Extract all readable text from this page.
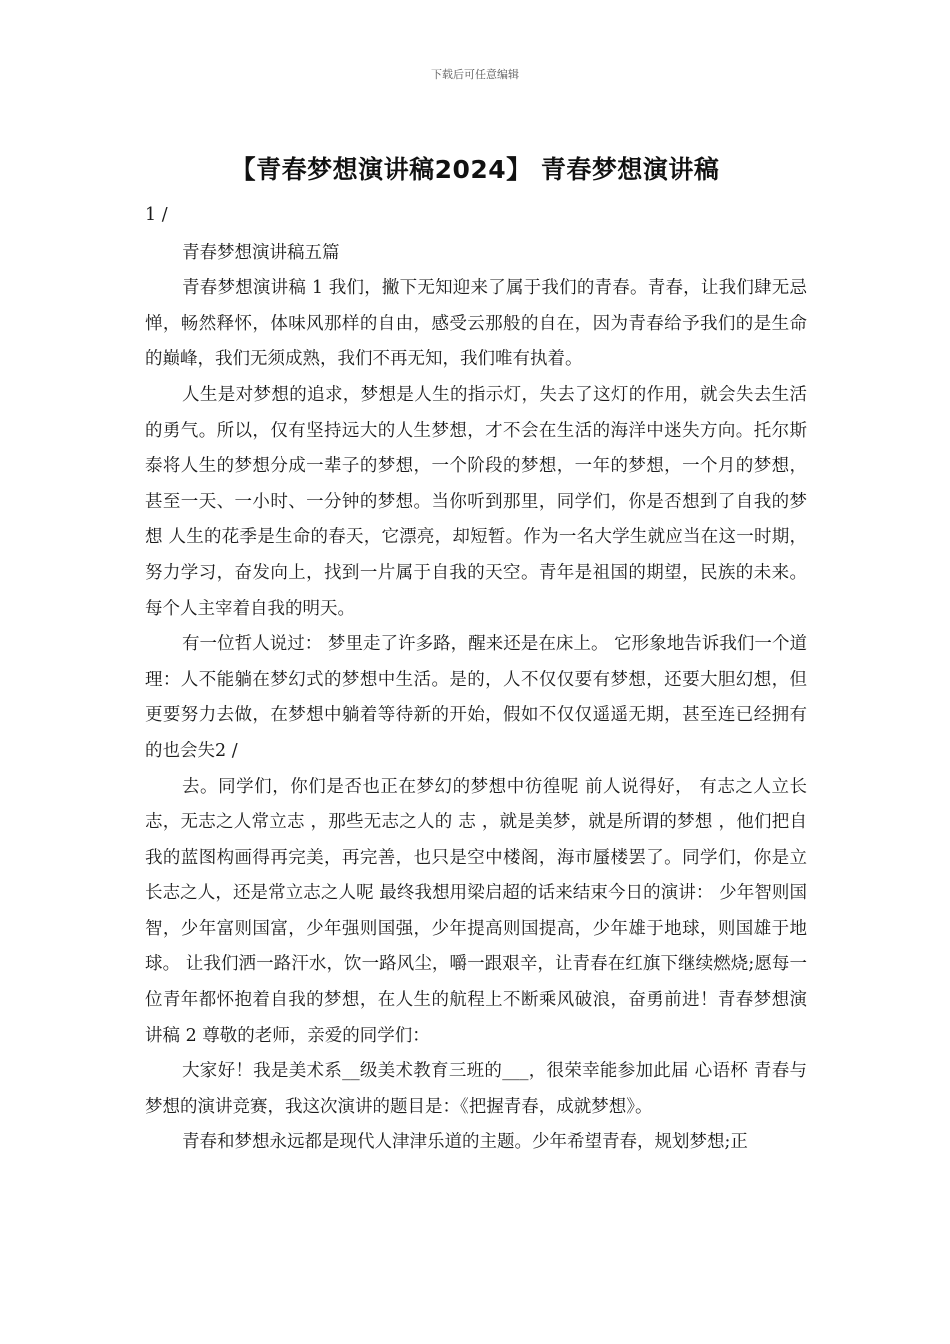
下载后可任意编辑
【青春梦想演讲稿2024】 青春梦想演讲稿

1 /

青春梦想演讲稿五篇

青春梦想演讲稿 1 我们，撇下无知迎来了属于我们的青春。青春，让我们肆无忌惮，畅然释怀，体味风那样的自由，感受云那般的自在，因为青春给予我们的是生命的巅峰，我们无须成熟，我们不再无知，我们唯有执着。

人生是对梦想的追求，梦想是人生的指示灯，失去了这灯的作用，就会失去生活的勇气。所以，仅有坚持远大的人生梦想，才不会在生活的海洋中迷失方向。托尔斯泰将人生的梦想分成一辈子的梦想，一个阶段的梦想，一年的梦想，一个月的梦想，甚至一天、一小时、一分钟的梦想。当你听到那里，同学们，你是否想到了自我的梦想 人生的花季是生命的春天，它漂亮，却短暂。作为一名大学生就应当在这一时期，努力学习，奋发向上，找到一片属于自我的天空。青年是祖国的期望，民族的未来。每个人主宰着自我的明天。

有一位哲人说过： 梦里走了许多路，醒来还是在床上。 它形象地告诉我们一个道理：人不能躺在梦幻式的梦想中生活。是的，人不仅仅要有梦想，还要大胆幻想，但更要努力去做，在梦想中躺着等待新的开始，假如不仅仅遥遥无期，甚至连已经拥有的也会失2 /

去。同学们，你们是否也正在梦幻的梦想中彷徨呢 前人说得好， 有志之人立长志，无志之人常立志 ，那些无志之人的 志 ，就是美梦，就是所谓的梦想 ，他们把自我的蓝图构画得再完美，再完善，也只是空中楼阁，海市蜃楼罢了。同学们，你是立长志之人，还是常立志之人呢 最终我想用梁启超的话来结束今日的演讲： 少年智则国智，少年富则国富，少年强则国强，少年提高则国提高，少年雄于地球，则国雄于地球。 让我们洒一路汗水，饮一路风尘，嚼一跟艰辛，让青春在红旗下继续燃烧;愿每一位青年都怀抱着自我的梦想，在人生的航程上不断乘风破浪，奋勇前进！青春梦想演讲稿 2 尊敬的老师，亲爱的同学们：

大家好！我是美术系__级美术教育三班的___，很荣幸能参加此届 心语杯 青春与梦想的演讲竞赛，我这次演讲的题目是：《把握青春，成就梦想》。

青春和梦想永远都是现代人津津乐道的主题。少年希望青春，规划梦想;正
